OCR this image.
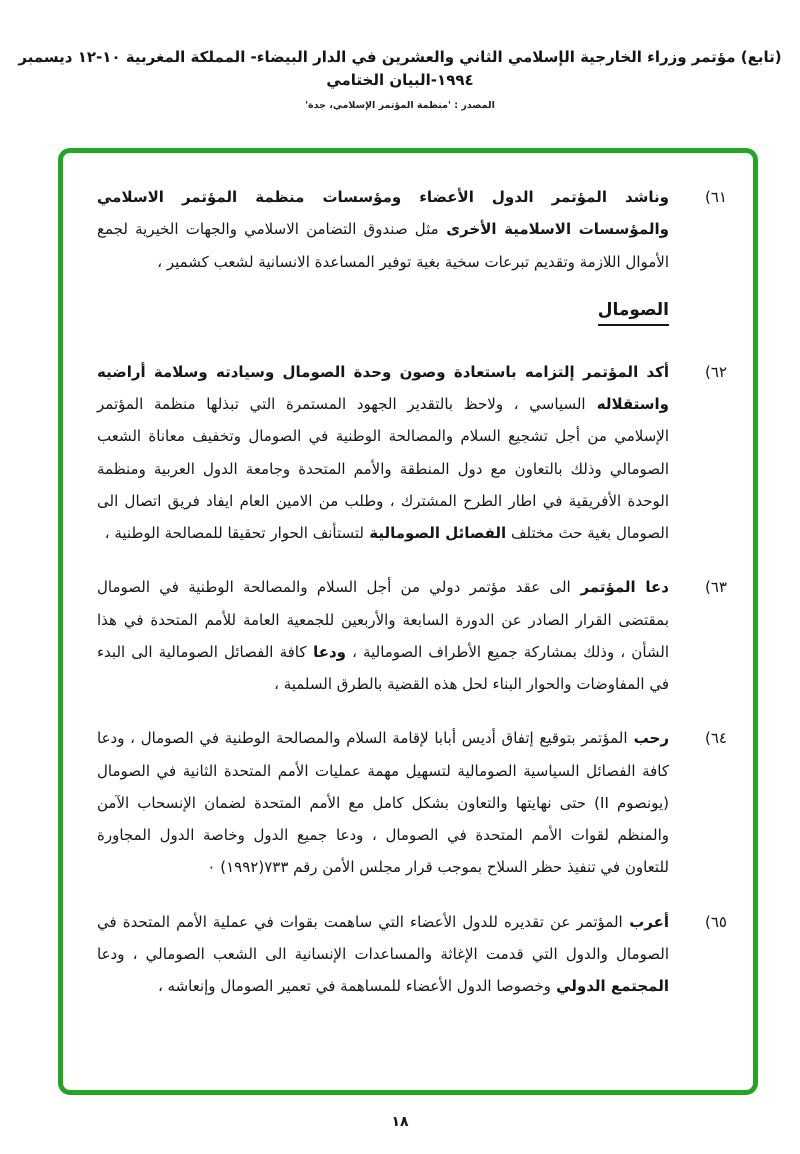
(تابع) مؤتمر وزراء الخارجية الإسلامي الثاني والعشرين في الدار البيضاء- المملكة المغربية ١٠-١٢ ديسمبر ١٩٩٤-البيان الختامي
المصدر : 'منظمة المؤتمر الإسلامي، جدة'
٦١)
وناشد المؤتمر الدول الأعضاء ومؤسسات منظمة المؤتمر الاسلامي والمؤسسات الاسلامية الأخرى مثل صندوق التضامن الاسلامي والجهات الخيرية لجمع الأموال اللازمة وتقديم تبرعات سخية بغية توفير المساعدة الانسانية لشعب كشمير ،
الصومال
٦٢)
أكد المؤتمر إلتزامه باستعادة وصون وحدة الصومال وسيادته وسلامة أراضيه واستقلاله السياسي ، ولاحظ بالتقدير الجهود المستمرة التي تبذلها منظمة المؤتمر الإسلامي من أجل تشجيع السلام والمصالحة الوطنية في الصومال وتخفيف معاناة الشعب الصومالي وذلك بالتعاون مع دول المنطقة والأمم المتحدة وجامعة الدول العربية ومنظمة الوحدة الأفريقية في اطار الطرح المشترك ، وطلب من الامين العام ايفاد فريق اتصال الى الصومال بغية حث مختلف الفصائل الصومالية لتستأنف الحوار تحقيقا للمصالحة الوطنية ،
٦٣)
دعا المؤتمر الى عقد مؤتمر دولي من أجل السلام والمصالحة الوطنية في الصومال بمقتضى القرار الصادر عن الدورة السابعة والأربعين للجمعية العامة للأمم المتحدة في هذا الشأن ، وذلك بمشاركة جميع الأطراف الصومالية ، ودعا كافة الفصائل الصومالية الى البدء في المفاوضات والحوار البناء لحل هذه القضية بالطرق السلمية ،
٦٤)
رحب المؤتمر بتوقيع إتفاق أديس أبابا لإقامة السلام والمصالحة الوطنية في الصومال ، ودعا كافة الفصائل السياسية الصومالية لتسهيل مهمة عمليات الأمم المتحدة الثانية في الصومال (يونصوم II) حتى نهايتها والتعاون بشكل كامل مع الأمم المتحدة لضمان الإنسحاب الآمن والمنظم لقوات الأمم المتحدة في الصومال ، ودعا جميع الدول وخاصة الدول المجاورة للتعاون في تنفيذ حظر السلاح بموجب قرار مجلس الأمن رقم ٧٣٣(١٩٩٢) ٠
٦٥)
أعرب المؤتمر عن تقديره للدول الأعضاء التي ساهمت بقوات في عملية الأمم المتحدة في الصومال والدول التي قدمت الإغاثة والمساعدات الإنسانية الى الشعب الصومالي ، ودعا المجتمع الدولي وخصوصا الدول الأعضاء للمساهمة في تعمير الصومال وإنعاشه ،
١٨
